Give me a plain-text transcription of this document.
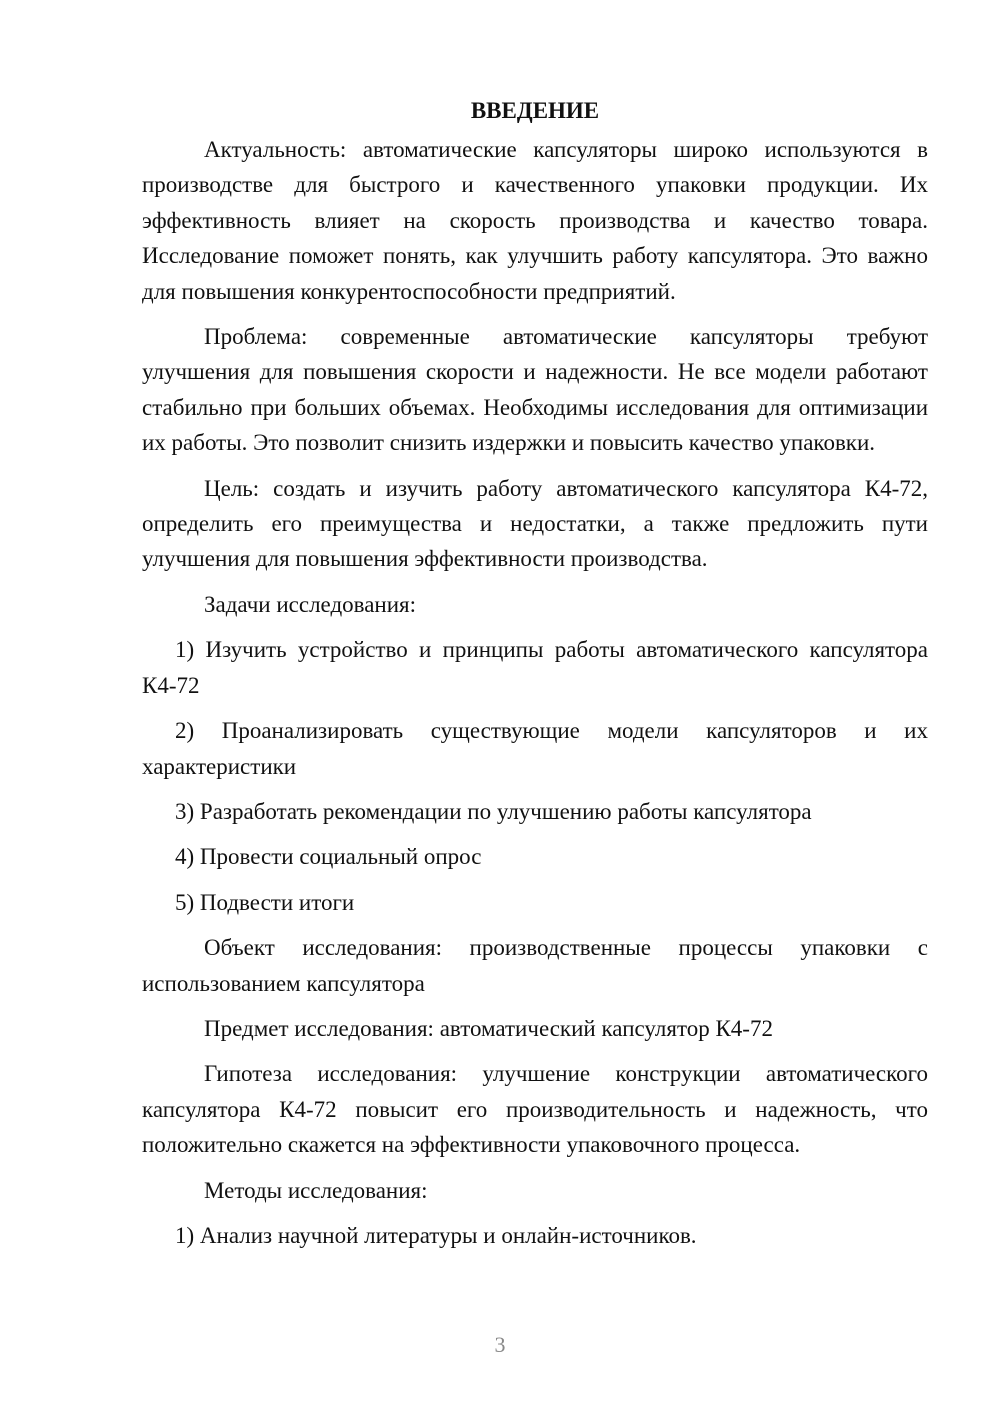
ВВЕДЕНИЕ

Актуальность: автоматические капсуляторы широко используются в производстве для быстрого и качественного упаковки продукции. Их эффективность влияет на скорость производства и качество товара. Исследование поможет понять, как улучшить работу капсулятора. Это важно для повышения конкурентоспособности предприятий.

Проблема: современные автоматические капсуляторы требуют улучшения для повышения скорости и надежности. Не все модели работают стабильно при больших объемах. Необходимы исследования для оптимизации их работы. Это позволит снизить издержки и повысить качество упаковки.

Цель: создать и изучить работу автоматического капсулятора К4-72, определить его преимущества и недостатки, а также предложить пути улучшения для повышения эффективности производства.

Задачи исследования:

1) Изучить устройство и принципы работы автоматического капсулятора К4-72

2) Проанализировать существующие модели капсуляторов и их характеристики

3) Разработать рекомендации по улучшению работы капсулятора

4) Провести социальный опрос

5) Подвести итоги

Объект исследования: производственные процессы упаковки с использованием капсулятора

Предмет исследования: автоматический капсулятор К4-72

Гипотеза исследования: улучшение конструкции автоматического капсулятора К4-72 повысит его производительность и надежность, что положительно скажется на эффективности упаковочного процесса.

Методы исследования:

1) Анализ научной литературы и онлайн-источников.

3
